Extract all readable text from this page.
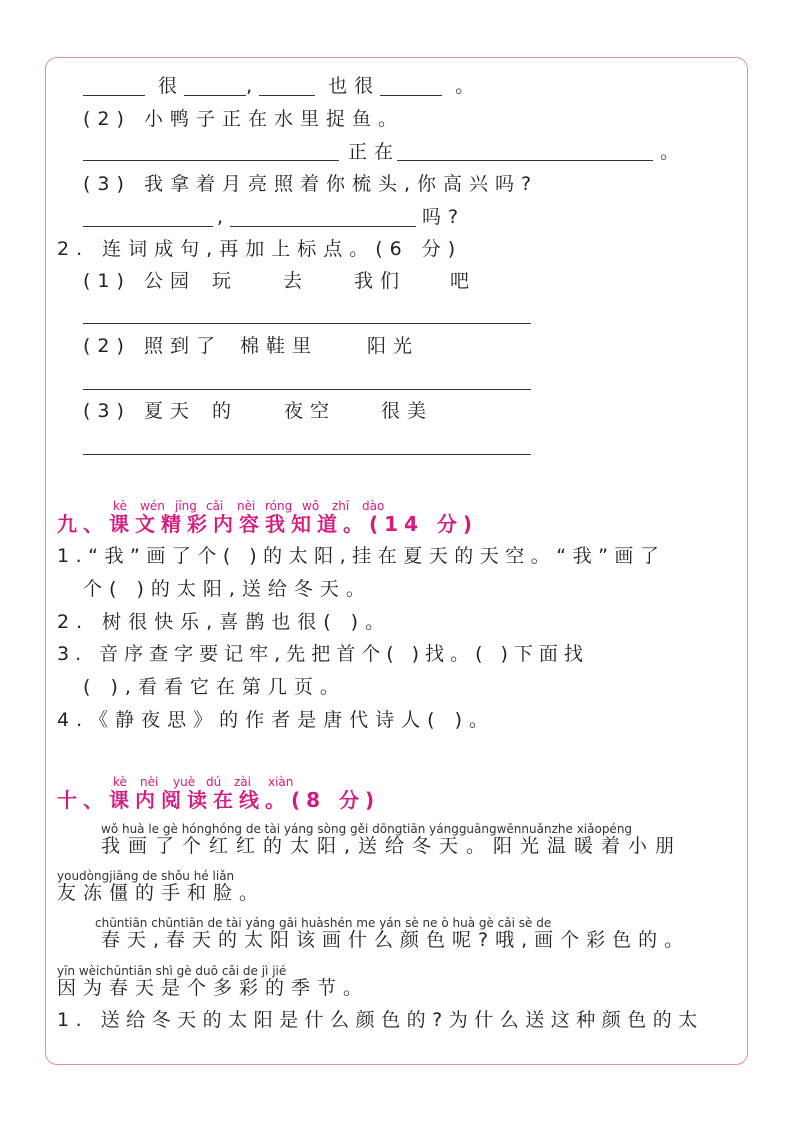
很	,	也很	。
(2) 小鸭子正在水里捉鱼。
正在	。
(3) 我拿着月亮照着你梳头,你高兴吗?
,	吗?
2. 连词成句,再加上标点。(6 分)
(1) 公园 玩 去 我们 吧
(2) 照到了 棉鞋里	阳光
(3) 夏天 的 夜空 很美
kè wén jīng cǎi nèi róng wǒ zhī dào
九、课文精彩内容我知道。(14 分)
1.“我”画了个( )的太阳,挂在夏天的天空。“我”画了
个( )的太阳,送给冬天。
2. 树很快乐,喜鹊也很( )。
3. 音序查字要记牢,先把首个( )找。( )下面找
( ),看看它在第几页。
4.《静夜思》的作者是唐代诗人( )。
kè nèi yuè dú zài xiàn
十、课内阅读在线。(8 分)
wǒ huà le gè hónghóng de tài yáng sòng gěi dōngtiān yángguāngwēnnuǎnzhe xiǎopéng
我画了个红红的太阳,送给冬天。阳光温暖着小朋
youdòngjiāng de shǒu hé liǎn
友冻僵的手和脸。
chūntiān chūntiān de tài yáng gāi huàshén me yán sè ne ò huà gè cǎi sè de
春天,春天的太阳该画什么颜色呢?哦,画个彩色的。
yīn wèichūntiān shì gè duō cǎi de jì jié
因为春天是个多彩的季节。
1. 送给冬天的太阳是什么颜色的?为什么送这种颜色的太
